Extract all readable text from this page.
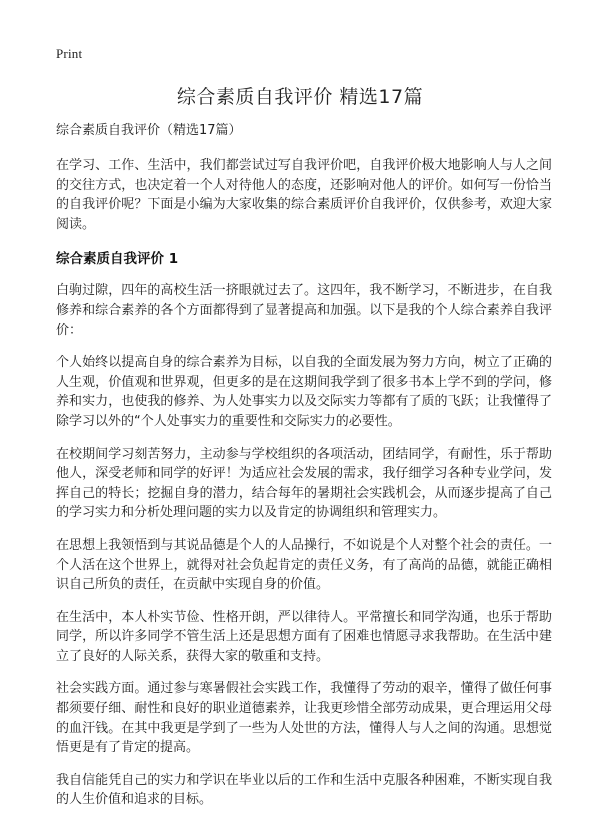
Print
综合素质自我评价 精选17篇
综合素质自我评价（精选17篇）

在学习、工作、生活中，我们都尝试过写自我评价吧，自我评价极大地影响人与人之间的交往方式，也决定着一个人对待他人的态度，还影响对他人的评价。如何写一份恰当的自我评价呢？下面是小编为大家收集的综合素质评价自我评价，仅供参考，欢迎大家阅读。

综合素质自我评价 1

白驹过隙，四年的高校生活一挤眼就过去了。这四年，我不断学习，不断进步，在自我修养和综合素养的各个方面都得到了显著提高和加强。以下是我的个人综合素养自我评价：

个人始终以提高自身的综合素养为目标，以自我的全面发展为努力方向，树立了正确的人生观，价值观和世界观，但更多的是在这期间我学到了很多书本上学不到的学问，修养和实力，也使我的修养、为人处事实力以及交际实力等都有了质的飞跃；让我懂得了除学习以外的“个人处事实力的重要性和交际实力的必要性。

在校期间学习刻苦努力，主动参与学校组织的各项活动，团结同学，有耐性，乐于帮助他人，深受老师和同学的好评！为适应社会发展的需求，我仔细学习各种专业学问，发挥自己的特长；挖掘自身的潜力，结合每年的暑期社会实践机会，从而逐步提高了自己的学习实力和分析处理问题的实力以及肯定的协调组织和管理实力。

在思想上我领悟到与其说品德是个人的人品操行，不如说是个人对整个社会的责任。一个人活在这个世界上，就得对社会负起肯定的责任义务，有了高尚的品德，就能正确相识自己所负的责任，在贡献中实现自身的价值。

在生活中，本人朴实节俭、性格开朗，严以律待人。平常擅长和同学沟通，也乐于帮助同学，所以许多同学不管生活上还是思想方面有了困难也情愿寻求我帮助。在生活中建立了良好的人际关系，获得大家的敬重和支持。

社会实践方面。通过参与寒暑假社会实践工作，我懂得了劳动的艰辛，懂得了做任何事都须要仔细、耐性和良好的职业道德素养，让我更珍惜全部劳动成果，更合理运用父母的血汗钱。在其中我更是学到了一些为人处世的方法，懂得人与人之间的沟通。思想觉悟更是有了肯定的提高。

我自信能凭自己的实力和学识在毕业以后的工作和生活中克服各种困难，不断实现自我的人生价值和追求的目标。
